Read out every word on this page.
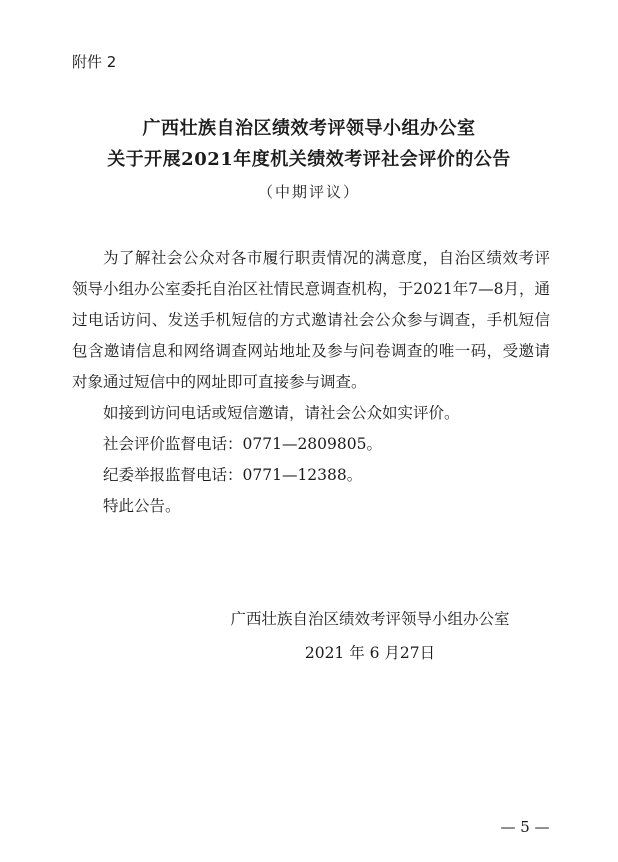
附件 2
广西壮族自治区绩效考评领导小组办公室
关于开展2021年度机关绩效考评社会评价的公告
（中期评议）

为了解社会公众对各市履行职责情况的满意度，自治区绩效考评领导小组办公室委托自治区社情民意调查机构，于2021年7—8月，通过电话访问、发送手机短信的方式邀请社会公众参与调查，手机短信包含邀请信息和网络调查网站地址及参与问卷调查的唯一码，受邀请对象通过短信中的网址即可直接参与调查。

如接到访问电话或短信邀请，请社会公众如实评价。

社会评价监督电话：0771—2809805。

纪委举报监督电话：0771—12388。

特此公告。

广西壮族自治区绩效考评领导小组办公室
2021 年 6 月27日
— 5 —
